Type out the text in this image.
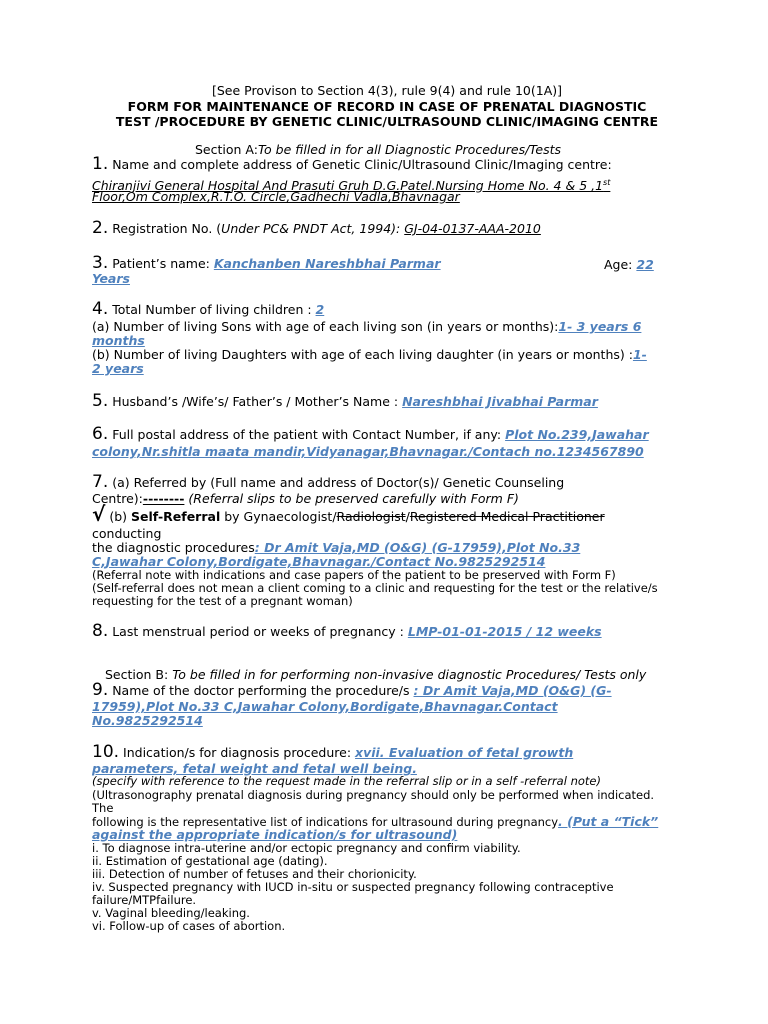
[See Provison to Section 4(3), rule 9(4) and rule 10(1A)]
FORM FOR MAINTENANCE OF RECORD IN CASE OF PRENATAL DIAGNOSTIC
TEST /PROCEDURE BY GENETIC CLINIC/ULTRASOUND CLINIC/IMAGING CENTRE
Section A:To be filled in for all Diagnostic Procedures/Tests
1. Name and complete address of Genetic Clinic/Ultrasound Clinic/Imaging centre:
Chiranjivi General Hospital And Prasuti Gruh D.G.Patel.Nursing Home No. 4 & 5 ,1st
Floor,Om Complex,R.T.O. Circle,Gadhechi Vadla,Bhavnagar
2. Registration No. (Under PC& PNDT Act, 1994): GJ-04-0137-AAA-2010
3. Patient’s name: Kanchanben Nareshbhai Parmar	Age: 22
Years
4. Total Number of living children : 2
(a) Number of living Sons with age of each living son (in years or months):1- 3 years 6
months
(b) Number of living Daughters with age of each living daughter (in years or months) :1-
2 years
5. Husband’s /Wife’s/ Father’s / Mother’s Name : Nareshbhai Jivabhai Parmar
6. Full postal address of the patient with Contact Number, if any: Plot No.239,Jawahar
colony,Nr.shitla maata mandir,Vidyanagar,Bhavnagar./Contach no.1234567890
7. (a) Referred by (Full name and address of Doctor(s)/ Genetic Counseling
Centre):-------- (Referral slips to be preserved carefully with Form F)
√ (b) Self-Referral by Gynaecologist/Radiologist/Registered Medical Practitioner
conducting
the diagnostic procedures: Dr Amit Vaja,MD (O&G) (G-17959),Plot No.33
C,Jawahar Colony,Bordigate,Bhavnagar./Contact No.9825292514
(Referral note with indications and case papers of the patient to be preserved with Form F)
(Self-referral does not mean a client coming to a clinic and requesting for the test or the relative/s
requesting for the test of a pregnant woman)
8. Last menstrual period or weeks of pregnancy : LMP-01-01-2015 / 12 weeks
Section B: To be filled in for performing non-invasive diagnostic Procedures/ Tests only
9. Name of the doctor performing the procedure/s : Dr Amit Vaja,MD (O&G) (G-
17959),Plot No.33 C,Jawahar Colony,Bordigate,Bhavnagar.Contact
No.9825292514
10. Indication/s for diagnosis procedure: xvii. Evaluation of fetal growth
parameters, fetal weight and fetal well being.
(specify with reference to the request made in the referral slip or in a self -referral note)
(Ultrasonography prenatal diagnosis during pregnancy should only be performed when indicated.
The
following is the representative list of indications for ultrasound during pregnancy. (Put a “Tick”
against the appropriate indication/s for ultrasound)
i. To diagnose intra-uterine and/or ectopic pregnancy and confirm viability.
ii. Estimation of gestational age (dating).
iii. Detection of number of fetuses and their chorionicity.
iv. Suspected pregnancy with IUCD in-situ or suspected pregnancy following contraceptive
failure/MTPfailure.
v. Vaginal bleeding/leaking.
vi. Follow-up of cases of abortion.
